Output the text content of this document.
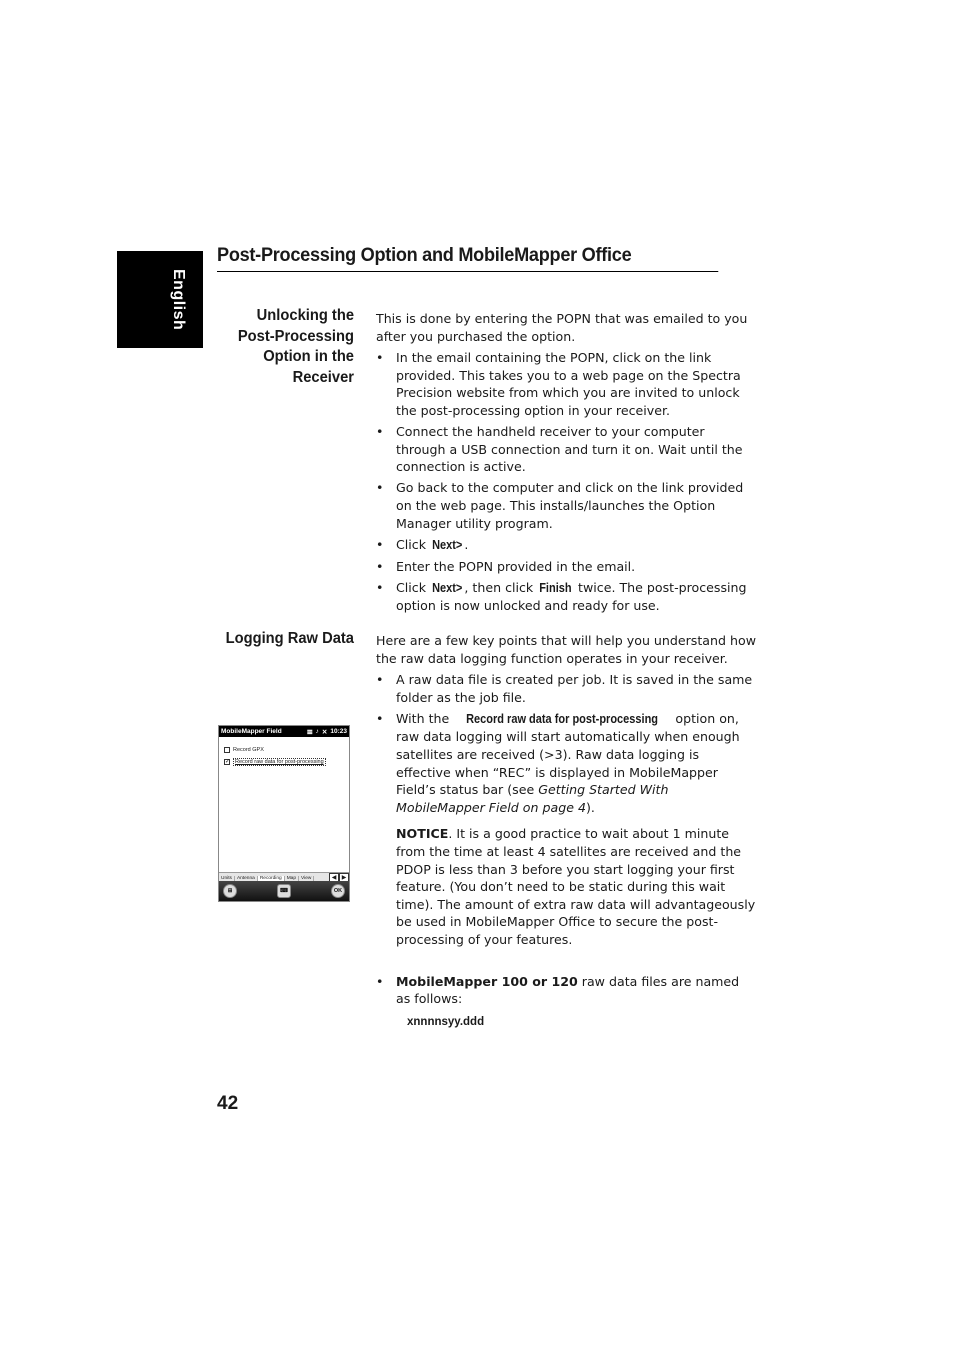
English
Post-Processing Option and MobileMapper Office
Unlocking the
Post-Processing
Option in the
Receiver

This is done by entering the POPN that was emailed to you after you purchased the option.

• In the email containing the POPN, click on the link provided. This takes you to a web page on the Spectra Precision website from which you are invited to unlock the post-processing option in your receiver.
• Connect the handheld receiver to your computer through a USB connection and turn it on. Wait until the connection is active.
• Go back to the computer and click on the link provided on the web page. This installs/launches the Option Manager utility program.
• Click Next> .
• Enter the POPN provided in the email.
• Click Next> , then click Finish twice. The post-processing option is now unlocked and ready for use.
Logging Raw Data Here are a few key points that will help you understand how the raw data logging function operates in your receiver.

• A raw data file is created per job. It is saved in the same folder as the job file.
• With the Record raw data for post-processing option on, raw data logging will start automatically when enough satellites are received (>3). Raw data logging is effective when “REC” is displayed in MobileMapper Field’s status bar (see Getting Started With MobileMapper Field on page 4).

NOTICE. It is a good practice to wait about 1 minute from the time at least 4 satellites are received and the PDOP is less than 3 before you start logging your first feature. (You don’t need to be static during this wait time). The amount of extra raw data will advantageously be used in MobileMapper Office to secure the post-processing of your features.

• MobileMapper 100 or 120 raw data files are named as follows:
xnnnnsyy.ddd
MobileMapper Field	𝌆 ♪ ✕ 10:23
Record GPX
✓ Record raw data for post-processing
Units	Antenna	Recording	Map	View	◀ ▶
⊞	⌨	OK
42
